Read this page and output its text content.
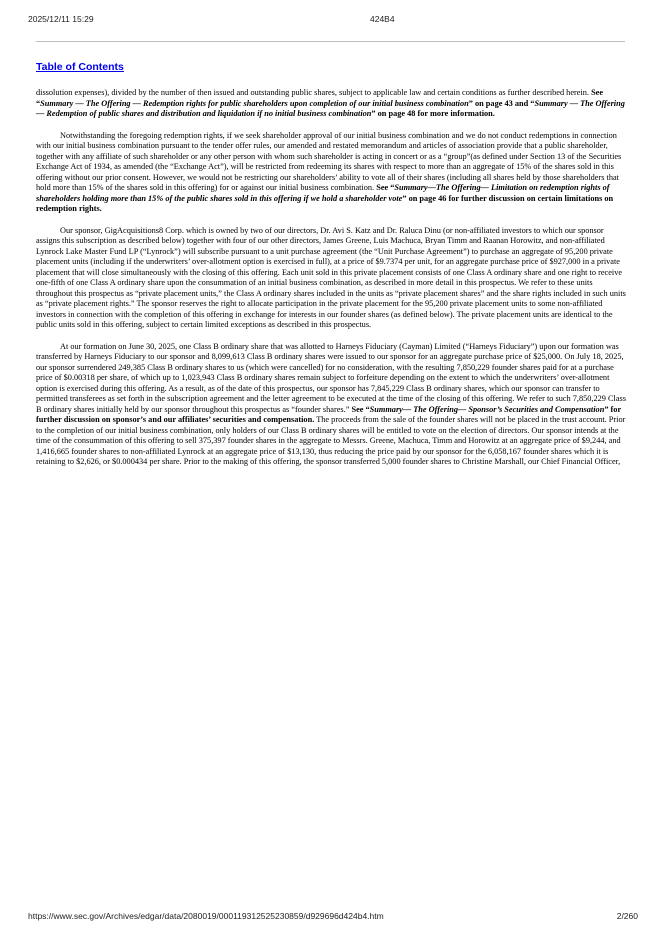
2025/12/11 15:29	424B4
Table of Contents

dissolution expenses), divided by the number of then issued and outstanding public shares, subject to applicable law and certain conditions as further described herein. See “Summary — The Offering — Redemption rights for public shareholders upon completion of our initial business combination” on page 43 and “Summary — The Offering — Redemption of public shares and distribution and liquidation if no initial business combination” on page 48 for more information.

Notwithstanding the foregoing redemption rights, if we seek shareholder approval of our initial business combination and we do not conduct redemptions in connection with our initial business combination pursuant to the tender offer rules, our amended and restated memorandum and articles of association provide that a public shareholder, together with any affiliate of such shareholder or any other person with whom such shareholder is acting in concert or as a “group”(as defined under Section 13 of the Securities Exchange Act of 1934, as amended (the “Exchange Act”), will be restricted from redeeming its shares with respect to more than an aggregate of 15% of the shares sold in this offering without our prior consent. However, we would not be restricting our shareholders’ ability to vote all of their shares (including all shares held by those shareholders that hold more than 15% of the shares sold in this offering) for or against our initial business combination. See “Summary—The Offering— Limitation on redemption rights of shareholders holding more than 15% of the public shares sold in this offering if we hold a shareholder vote” on page 46 for further discussion on certain limitations on redemption rights.

Our sponsor, GigAcquisitions8 Corp. which is owned by two of our directors, Dr. Avi S. Katz and Dr. Raluca Dinu (or non-affiliated investors to which our sponsor assigns this subscription as described below) together with four of our other directors, James Greene, Luis Machuca, Bryan Timm and Raanan Horowitz, and non-affiliated Lynrock Lake Master Fund LP (“Lynrock”) will subscribe pursuant to a unit purchase agreement (the “Unit Purchase Agreement”) to purchase an aggregate of 95,200 private placement units (including if the underwriters’ over-allotment option is exercised in full), at a price of $9.7374 per unit, for an aggregate purchase price of $927,000 in a private placement that will close simultaneously with the closing of this offering. Each unit sold in this private placement consists of one Class A ordinary share and one right to receive one-fifth of one Class A ordinary share upon the consummation of an initial business combination, as described in more detail in this prospectus. We refer to these units throughout this prospectus as “private placement units,” the Class A ordinary shares included in the units as “private placement shares” and the share rights included in such units as “private placement rights.” The sponsor reserves the right to allocate participation in the private placement for the 95,200 private placement units to some non-affiliated investors in connection with the completion of this offering in exchange for interests in our founder shares (as defined below). The private placement units are identical to the public units sold in this offering, subject to certain limited exceptions as described in this prospectus.

At our formation on June 30, 2025, one Class B ordinary share that was allotted to Harneys Fiduciary (Cayman) Limited (“Harneys Fiduciary”) upon our formation was transferred by Harneys Fiduciary to our sponsor and 8,099,613 Class B ordinary shares were issued to our sponsor for an aggregate purchase price of $25,000. On July 18, 2025, our sponsor surrendered 249,385 Class B ordinary shares to us (which were cancelled) for no consideration, with the resulting 7,850,229 founder shares paid for at a purchase price of $0.00318 per share, of which up to 1,023,943 Class B ordinary shares remain subject to forfeiture depending on the extent to which the underwriters’ over-allotment option is exercised during this offering. As a result, as of the date of this prospectus, our sponsor has 7,845,229 Class B ordinary shares, which our sponsor can transfer to permitted transferees as set forth in the subscription agreement and the letter agreement to be executed at the time of the closing of this offering. We refer to such 7,850,229 Class B ordinary shares initially held by our sponsor throughout this prospectus as “founder shares.” See “Summary— The Offering— Sponsor’s Securities and Compensation” for further discussion on sponsor’s and our affiliates’ securities and compensation. The proceeds from the sale of the founder shares will not be placed in the trust account. Prior to the completion of our initial business combination, only holders of our Class B ordinary shares will be entitled to vote on the election of directors. Our sponsor intends at the time of the consummation of this offering to sell 375,397 founder shares in the aggregate to Messrs. Greene, Machuca, Timm and Horowitz at an aggregate price of $9,244, and 1,416,665 founder shares to non-affiliated Lynrock at an aggregate price of $13,130, thus reducing the price paid by our sponsor for the 6,058,167 founder shares which it is retaining to $2,626, or $0.000434 per share. Prior to the making of this offering, the sponsor transferred 5,000 founder shares to Christine Marshall, our Chief Financial Officer,

https://www.sec.gov/Archives/edgar/data/2080019/000119312525230859/d929696d424b4.htm	2/260
